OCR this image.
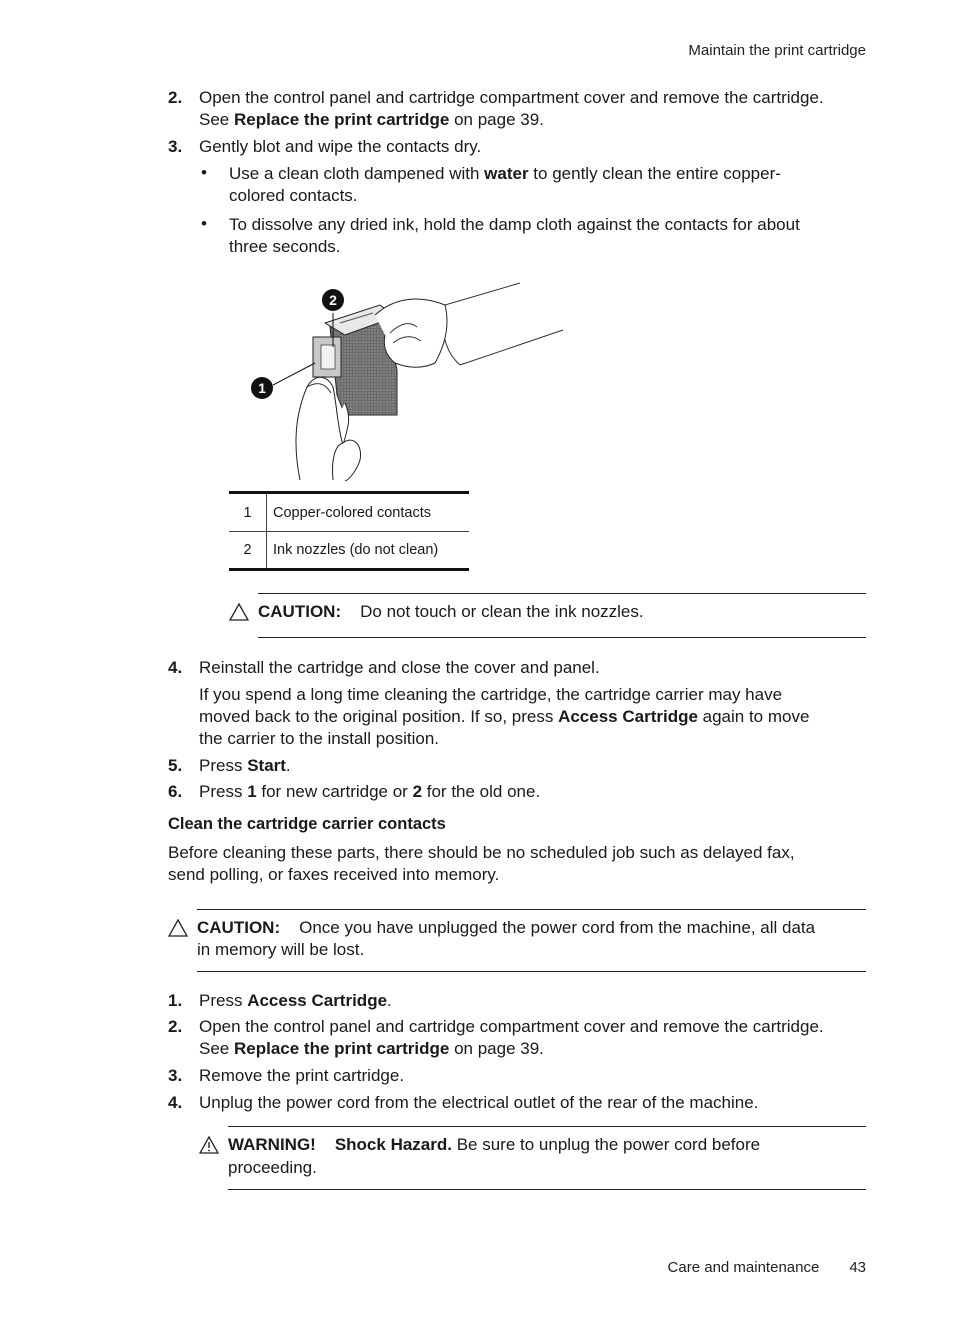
Maintain the print cartridge
2. Open the control panel and cartridge compartment cover and remove the cartridge.
See Replace the print cartridge on page 39.
3. Gently blot and wipe the contacts dry.
• Use a clean cloth dampened with water to gently clean the entire copper-
colored contacts.
• To dissolve any dried ink, hold the damp cloth against the contacts for about
three seconds.
2
1
1	Copper-colored contacts
2	Ink nozzles (do not clean)
CAUTION: Do not touch or clean the ink nozzles.
4. Reinstall the cartridge and close the cover and panel.
If you spend a long time cleaning the cartridge, the cartridge carrier may have
moved back to the original position. If so, press Access Cartridge again to move
the carrier to the install position.
5. Press Start.
6. Press 1 for new cartridge or 2 for the old one.
Clean the cartridge carrier contacts
Before cleaning these parts, there should be no scheduled job such as delayed fax,
send polling, or faxes received into memory.
CAUTION: Once you have unplugged the power cord from the machine, all data
in memory will be lost.
1. Press Access Cartridge.
2. Open the control panel and cartridge compartment cover and remove the cartridge.
See Replace the print cartridge on page 39.
3. Remove the print cartridge.
4. Unplug the power cord from the electrical outlet of the rear of the machine.
WARNING! Shock Hazard. Be sure to unplug the power cord before
proceeding.
Care and maintenance 43
